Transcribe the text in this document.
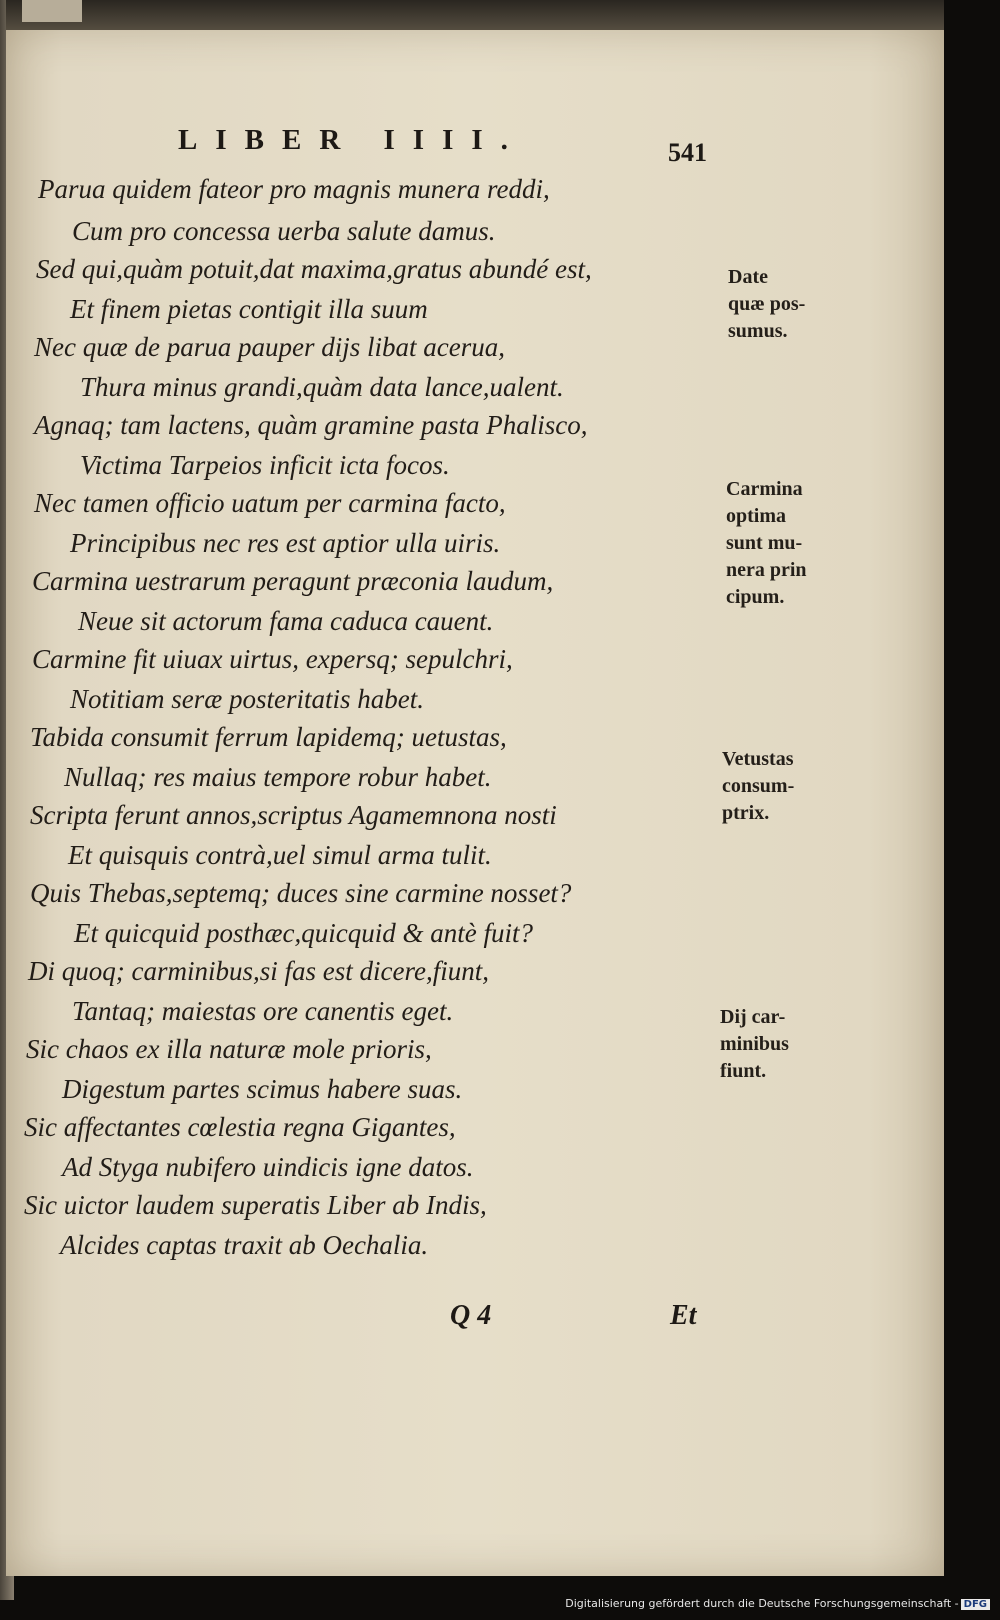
LIBER IIII.	541
Parua quidem fateor pro magnis munera reddi,
Cum pro concessa uerba salute damus.
Sed qui,quàm potuit,dat maxima,gratus abundé est,
Et finem pietas contigit illa suum
Nec quæ de parua pauper dijs libat acerua,
Thura minus grandi,quàm data lance,ualent.
Agnaq; tam lactens, quàm gramine pasta Phalisco,
Victima Tarpeios inficit icta focos.
Nec tamen officio uatum per carmina facto,
Principibus nec res est aptior ulla uiris.
Carmina uestrarum peragunt præconia laudum,
Neue sit actorum fama caduca cauent.
Carmine fit uiuax uirtus, expersq; sepulchri,
Notitiam seræ posteritatis habet.
Tabida consumit ferrum lapidemq; uetustas,
Nullaq; res maius tempore robur habet.
Scripta ferunt annos,scriptus Agamemnona nosti
Et quisquis contrà,uel simul arma tulit.
Quis Thebas,septemq; duces sine carmine nosset?
Et quicquid posthæc,quicquid & antè fuit?
Di quoq; carminibus,si fas est dicere,fiunt,
Tantaq; maiestas ore canentis eget.
Sic chaos ex illa naturæ mole prioris,
Digestum partes scimus habere suas.
Sic affectantes cœlestia regna Gigantes,
Ad Styga nubifero uindicis igne datos.
Sic uictor laudem superatis Liber ab Indis,
Alcides captas traxit ab Oechalia.
Date
quæ pos-
sumus.
Carmina
optima
sunt mu-
nera prin
cipum.
Vetustas
consum-
ptrix.
Dij car-
minibus
fiunt.
Q 4	Et
Digitalisierung gefördert durch die Deutsche Forschungsgemeinschaft - DFG
